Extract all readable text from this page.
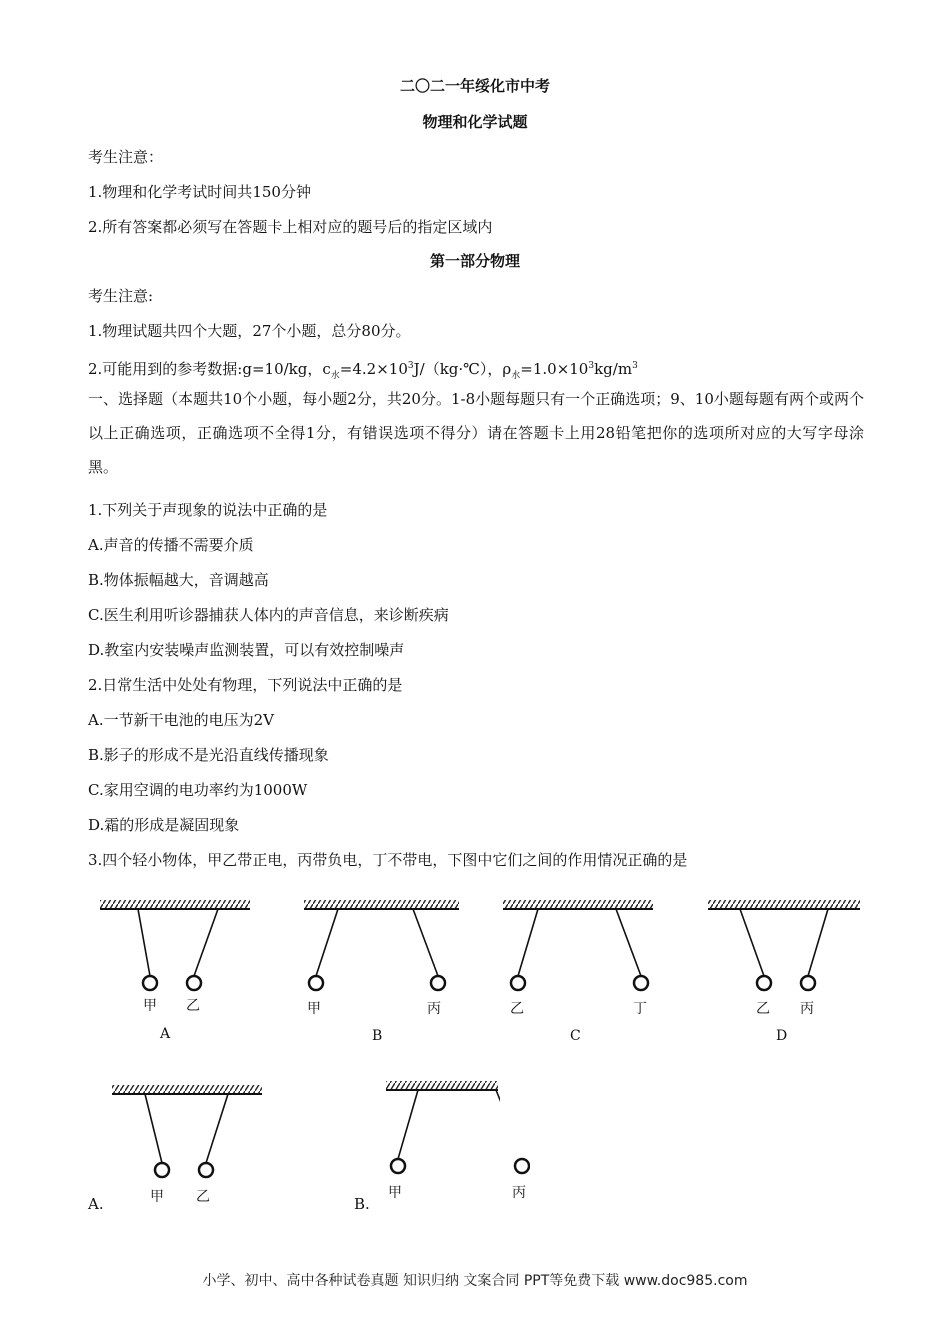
二〇二一年绥化市中考
物理和化学试题
考生注意：
1.物理和化学考试时间共150分钟
2.所有答案都必须写在答题卡上相对应的题号后的指定区域内
第一部分物理
考生注意:
1.物理试题共四个大题，27个小题，总分80分。
2.可能用到的参考数据:g=10/kg，$c_水=4.2\times 10^3J/(kg\cdot℃)$，$\rho_水=1.0\times 10^3kg/m^3$
一、选择题（本题共10个小题，每小题2分，共20分。1-8小题每题只有一个正确选项；9、10小题每题有两个或两个以上正确选项，正确选项不全得1分，有错误选项不得分）请在答题卡上用28铅笔把你的选项所对应的大写字母涂黑。
1.下列关于声现象的说法中正确的是
A.声音的传播不需要介质
B.物体振幅越大，音调越高
C.医生利用听诊器捕获人体内的声音信息，来诊断疾病
D.教室内安装噪声监测装置，可以有效控制噪声
2.日常生活中处处有物理，下列说法中正确的是
A.一节新干电池的电压为2V
B.影子的形成不是光沿直线传播现象
C.家用空调的电功率约为1000W
D.霜的形成是凝固现象
3.四个轻小物体，甲乙带正电，丙带负电，丁不带电，下图中它们之间的作用情况正确的是
甲 乙
A
甲	丙
B
乙	丁
C
乙 丙
D
A.	甲 乙	B.
甲	丙
小学、初中、高中各种试卷真题 知识归纳 文案合同 PPT等免费下载 www.doc985.com
